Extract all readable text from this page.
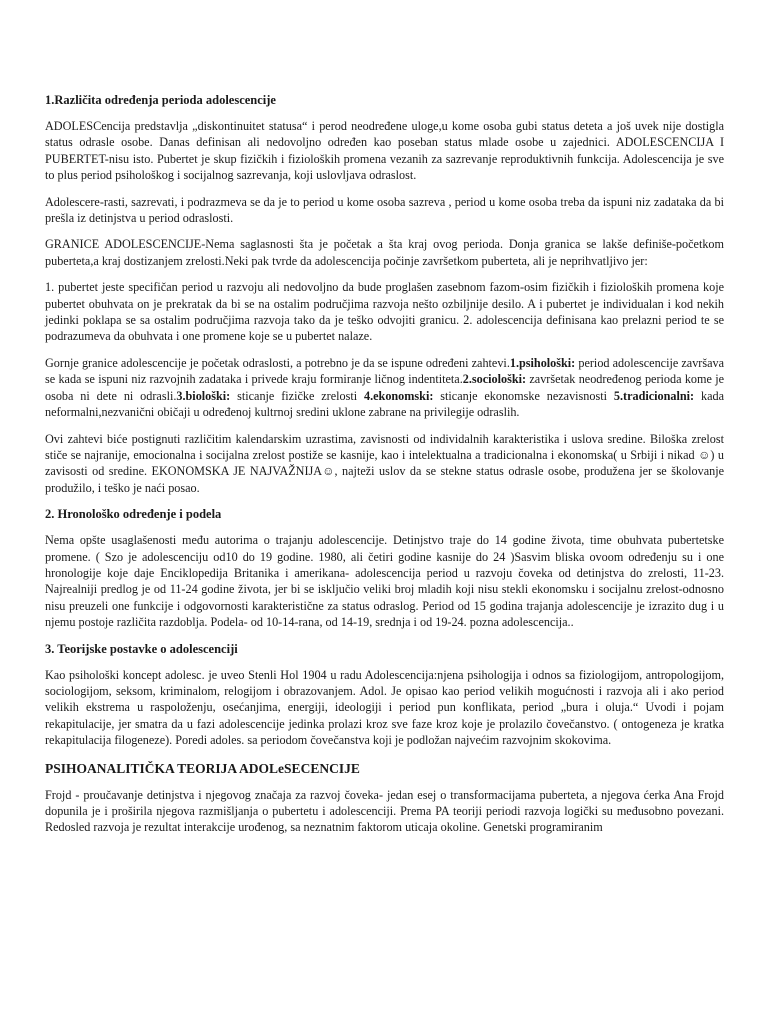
1.Različita određenja perioda adolescencije

ADOLESCencija predstavlja „diskontinuitet statusa“ i perod neodređene uloge,u kome osoba gubi status deteta a još uvek nije dostigla status odrasle osobe. Danas definisan ali nedovoljno određen kao poseban status mlade osobe u zajednici. ADOLESCENCIJA I PUBERTET-nisu isto. Pubertet je skup fizičkih i fizioloških promena vezanih za sazrevanje reproduktivnih funkcija. Adolescencija je sve to plus period psihološkog i socijalnog sazrevanja, koji uslovljava odraslost.

Adolescere-rasti, sazrevati, i podrazmeva se da je to period u kome osoba sazreva , period u kome osoba treba da ispuni niz zadataka da bi prešla iz detinjstva u period odraslosti.

GRANICE ADOLESCENCIJE-Nema saglasnosti šta je početak a šta kraj ovog perioda. Donja granica se lakše definiše-početkom puberteta,a kraj dostizanjem zrelosti.Neki pak tvrde da adolescencija počinje završetkom puberteta, ali je neprihvatljivo jer:

1. pubertet jeste specifičan period u razvoju ali nedovoljno da bude proglašen zasebnom fazom-osim fizičkih i fizioloških promena koje pubertet obuhvata on je prekratak da bi se na ostalim područjima razvoja nešto ozbiljnije desilo. A i pubertet je individualan i kod nekih jedinki poklapa se sa ostalim područjima razvoja tako da je teško odvojiti granicu. 2. adolescencija definisana kao prelazni period te se podrazumeva da obuhvata i one promene koje se u pubertet nalaze.

Gornje granice adolescencije je početak odraslosti, a potrebno je da se ispune određeni zahtevi.1.psihološki: period adolescencije završava se kada se ispuni niz razvojnih zadataka i privede kraju formiranje ličnog indentiteta.2.sociološki: završetak neodređenog perioda kome je osoba ni dete ni odrasli.3.biološki: sticanje fizičke zrelosti 4.ekonomski: sticanje ekonomske nezavisnosti 5.tradicionalni: kada neformalni,nezvanični običaji u određenoj kultrnoj sredini uklone zabrane na privilegije odraslih.

Ovi zahtevi biće postignuti različitim kalendarskim uzrastima, zavisnosti od individalnih karakteristika i uslova sredine. Biloška zrelost stiče se najranije, emocionalna i socijalna zrelost postiže se kasnije, kao i intelektualna a tradicionalna i ekonomska( u Srbiji i nikad ☺) u zavisosti od sredine. EKONOMSKA JE NAJVAŽNIJA☺, najteži uslov da se stekne status odrasle osobe, produžena jer se školovanje produžilo, i teško je naći posao.

2. Hronološko određenje i podela

Nema opšte usaglašenosti među autorima o trajanju adolescencije. Detinjstvo traje do 14 godine života, time obuhvata pubertetske promene. ( Szo je adolescenciju od10 do 19 godine. 1980, ali četiri godine kasnije do 24 )Sasvim bliska ovoom određenju su i one hronologije koje daje Enciklopedija Britanika i amerikana- adolescencija period u razvoju čoveka od detinjstva do zrelosti, 11-23. Najrealniji predlog je od 11-24 godine života, jer bi se isključio veliki broj mladih koji nisu stekli ekonomsku i socijalnu zrelost-odnosno nisu preuzeli one funkcije i odgovornosti karakteristične za status odraslog. Period od 15 godina trajanja adolescencije je izrazito dug i u njemu postoje različita razdoblja. Podela- od 10-14-rana, od 14-19, srednja i od 19-24. pozna adolescencija..

3. Teorijske postavke o adolescenciji

Kao psihološki koncept adolesc. je uveo Stenli Hol 1904 u radu Adolescencija:njena psihologija i odnos sa fiziologijom, antropologijom, sociologijom, seksom, kriminalom, relogijom i obrazovanjem. Adol. Je opisao kao period velikih mogućnosti i razvoja ali i ako period velikih ekstrema u raspoloženju, osećanjima, energiji, ideologiji i period pun konflikata, period „bura i oluja.“ Uvodi i pojam rekapitulacije, jer smatra da u fazi adolescencije jedinka prolazi kroz sve faze kroz koje je prolazilo čovečanstvo. ( ontogeneza je kratka rekapitulacija filogeneze). Poredi adoles. sa periodom čovečanstva koji je podložan najvećim razvojnim skokovima.

PSIHOANALITIČKA TEORIJA ADOLeSECENCIJE

Frojd - proučavanje detinjstva i njegovog značaja za razvoj čoveka- jedan esej o transformacijama puberteta, a njegova ćerka Ana Frojd dopunila je i proširila njegova razmišljanja o pubertetu i adolescenciji. Prema PA teoriji periodi razvoja logički su međusobno povezani. Redosled razvoja je rezultat interakcije urođenog, sa neznatnim faktorom uticaja okoline. Genetski programiranim
